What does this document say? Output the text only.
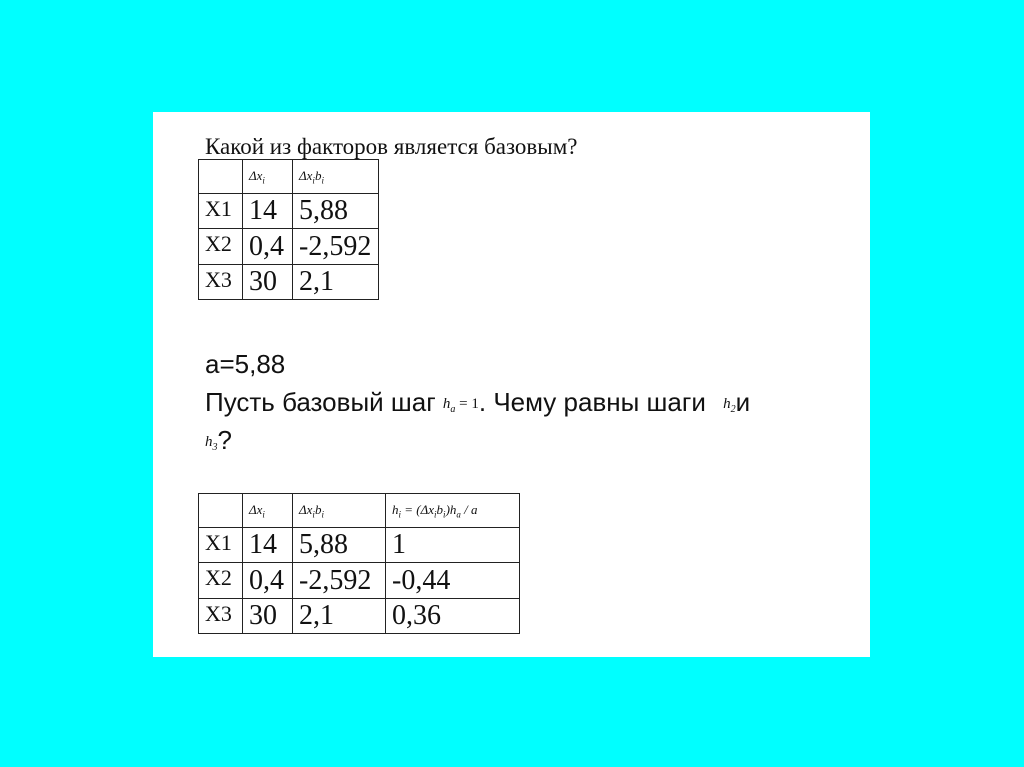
Какой из факторов является базовым?
	$\Delta x_i$	$\Delta x_ib_i$
X1	14	5,88
X2	0,4	-2,592
X3	30	2,1
a=5,88
Пусть базовый шаг $h_a = 1$. Чему равны шаги $h_2и$
$h_3$?
	$\Delta x_i$	$\Delta x_ib_i$	$h_i = (\Delta x_ib_i)h_a / a$
X1	14	5,88	1
X2	0,4	-2,592	-0,44
X3	30	2,1	0,36
